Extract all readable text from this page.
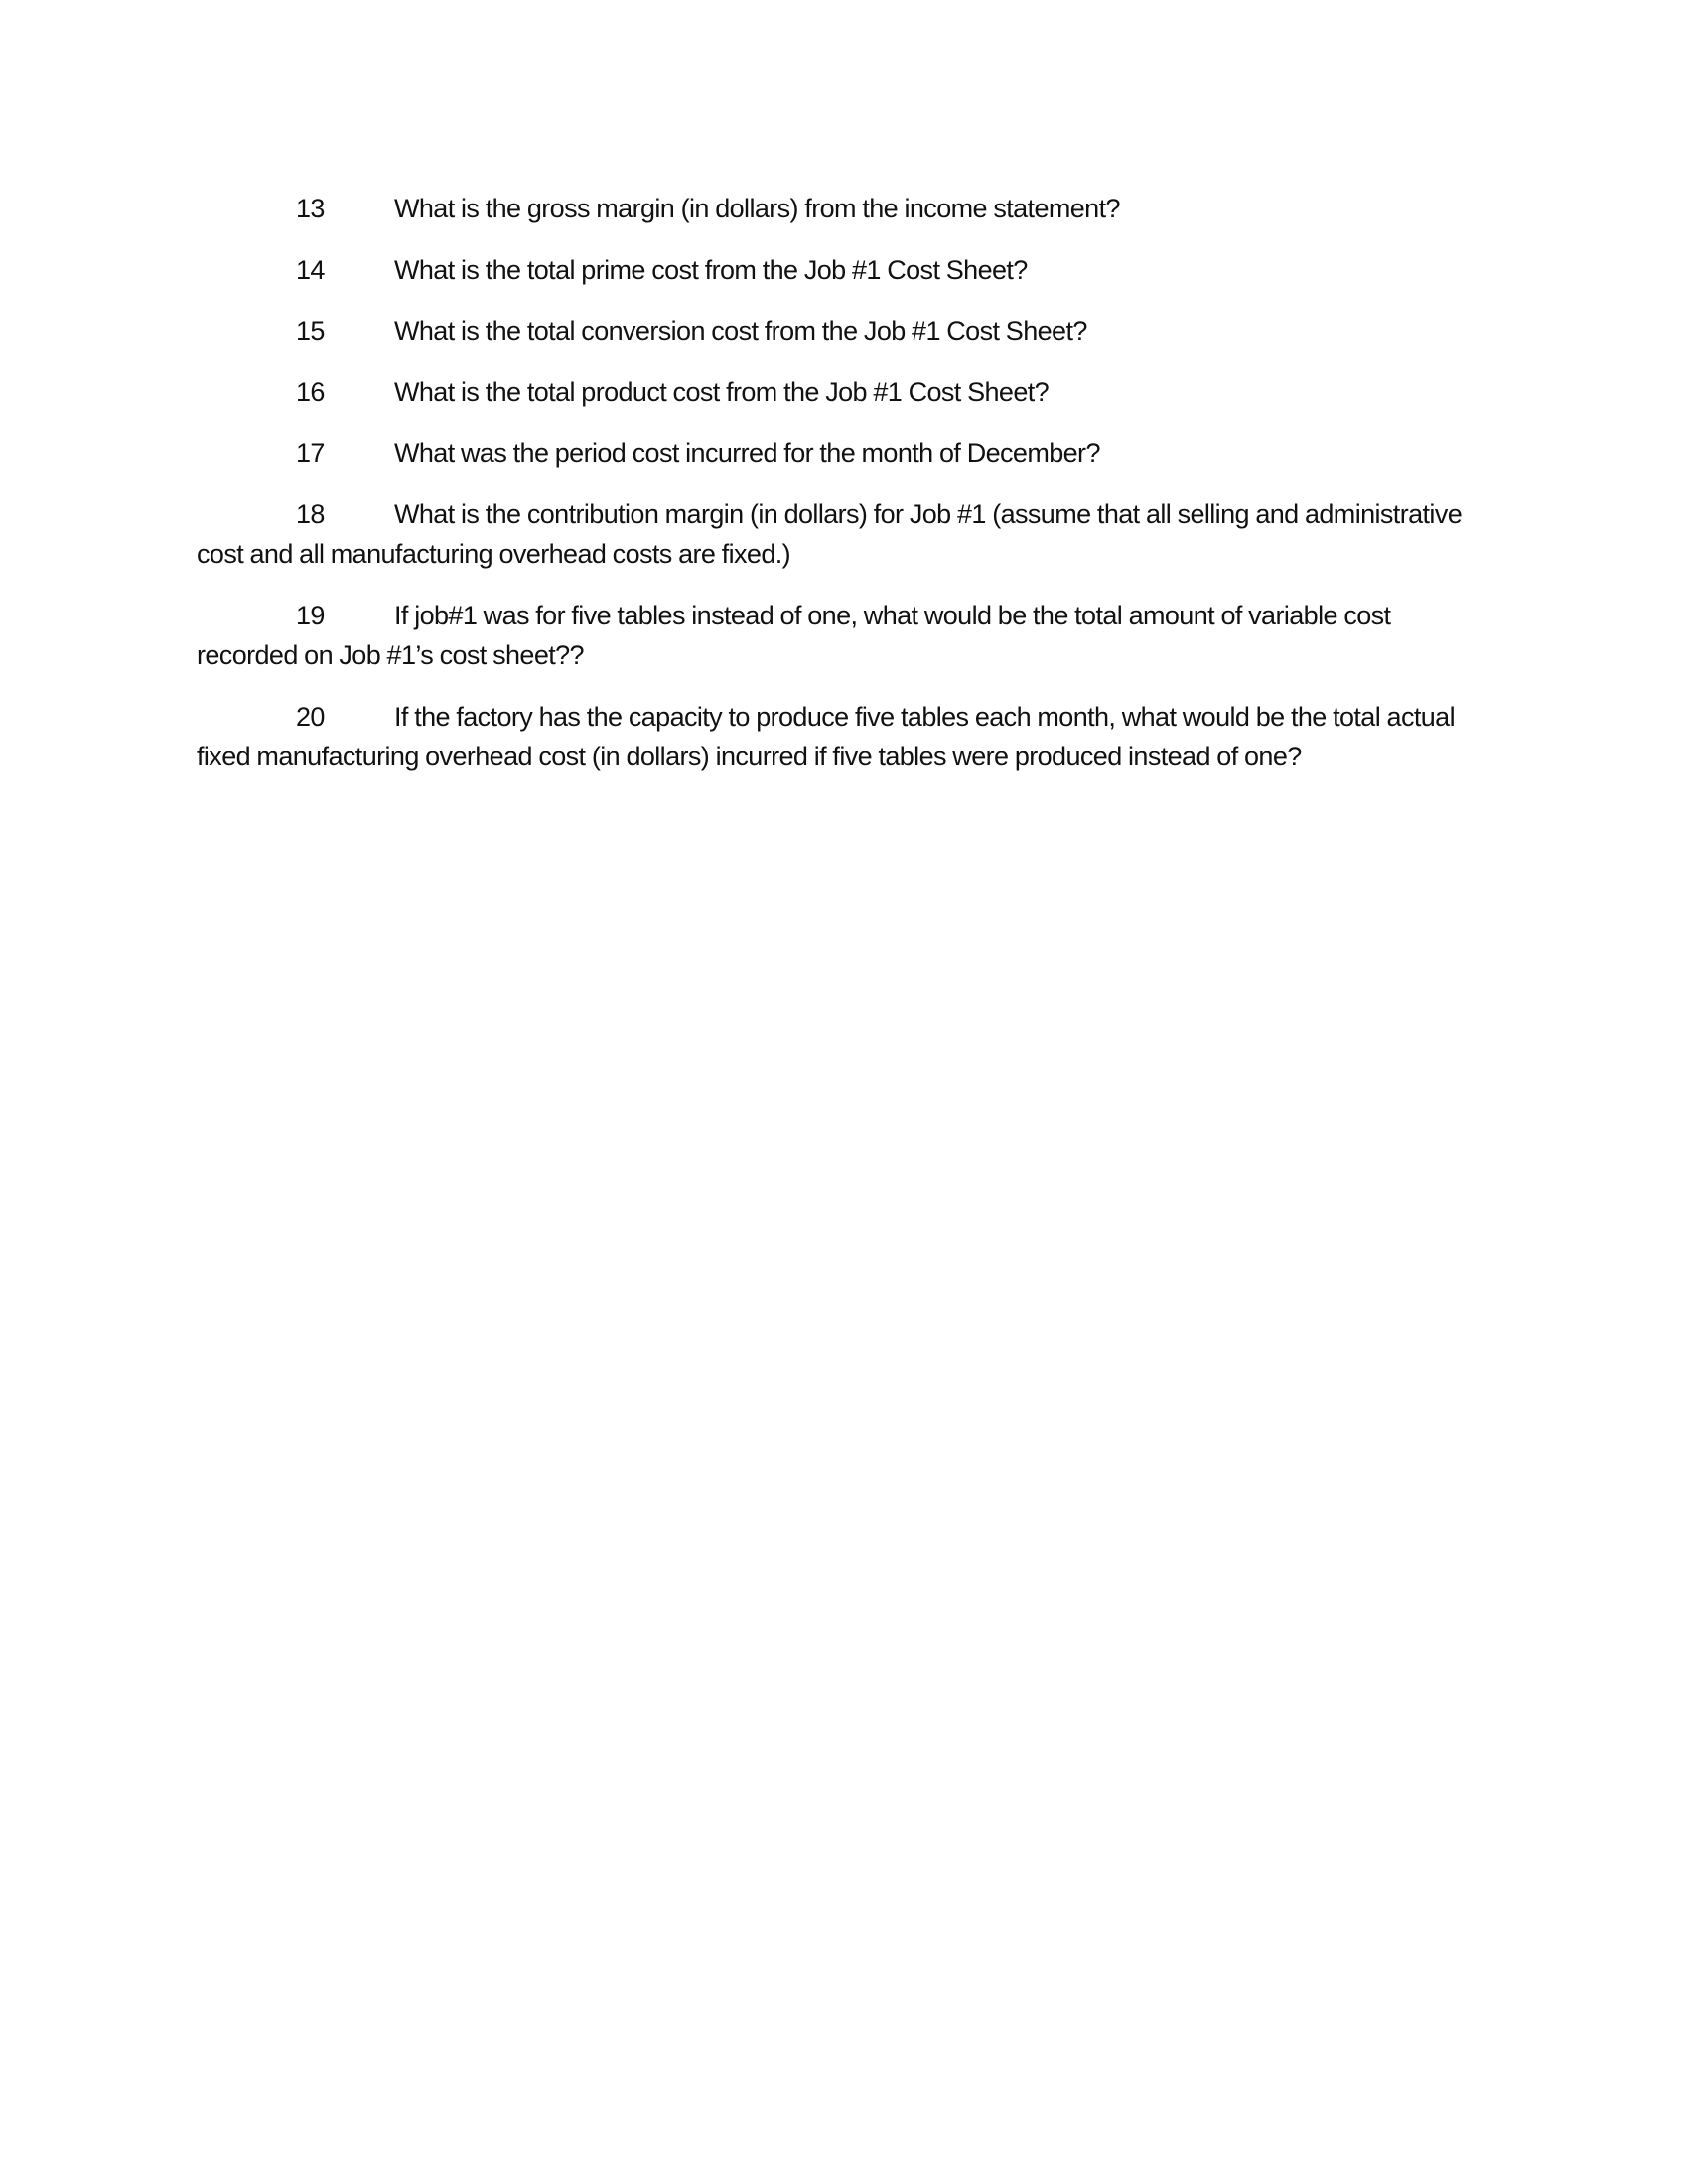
13	What is the gross margin (in dollars) from the income statement?

14	What is the total prime cost from the Job #1 Cost Sheet?

15	What is the total conversion cost from the Job #1 Cost Sheet?

16	What is the total product cost from the Job #1 Cost Sheet?

17	What was the period cost incurred for the month of December?

18	What is the contribution margin (in dollars) for Job #1 (assume that all selling and administrative cost and all manufacturing overhead costs are fixed.)

19	If job#1 was for five tables instead of one, what would be the total amount of variable cost recorded on Job #1’s cost sheet??

20	If the factory has the capacity to produce five tables each month, what would be the total actual fixed manufacturing overhead cost (in dollars) incurred if five tables were produced instead of one?
